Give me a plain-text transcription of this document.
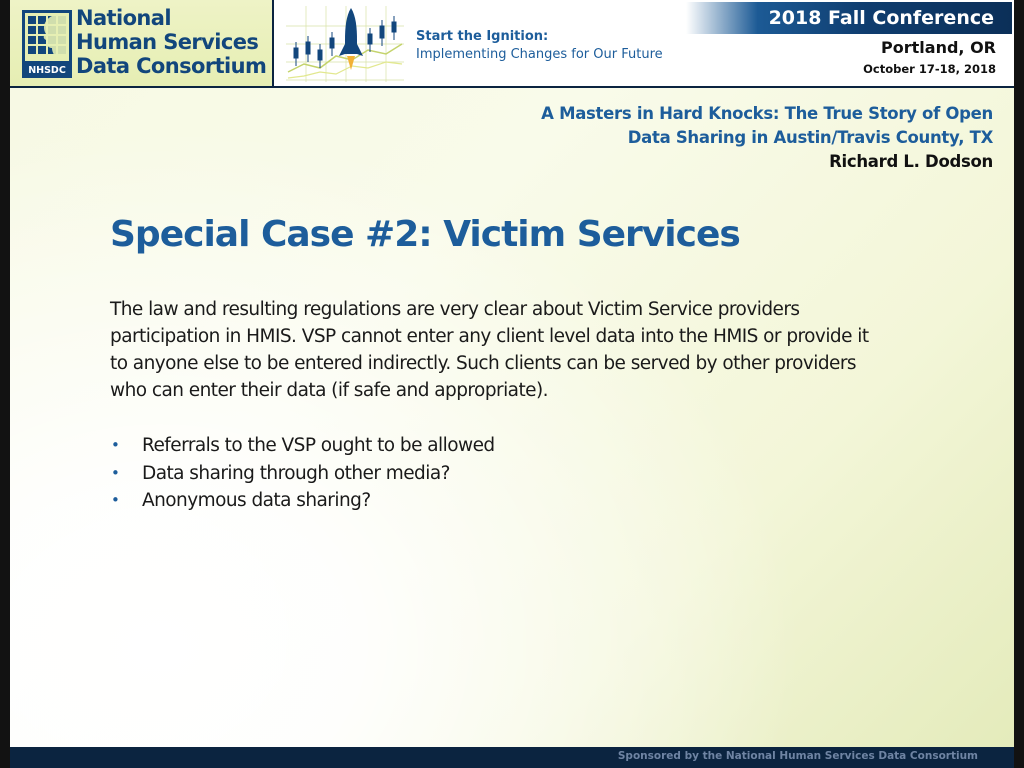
NHSDC
National
Human Services
Data Consortium
Start the Ignition:
Implementing Changes for Our Future
2018 Fall Conference
Portland, OR
October 17-18, 2018
A Masters in Hard Knocks: The True Story of Open
Data Sharing in Austin/Travis County, TX
Richard L. Dodson
Special Case #2: Victim Services

The law and resulting regulations are very clear about Victim Service providers participation in HMIS. VSP cannot enter any client level data into the HMIS or provide it to anyone else to be entered indirectly. Such clients can be served by other providers who can enter their data (if safe and appropriate).

• Referrals to the VSP ought to be allowed
• Data sharing through other media?
• Anonymous data sharing?
Sponsored by the National Human Services Data Consortium
